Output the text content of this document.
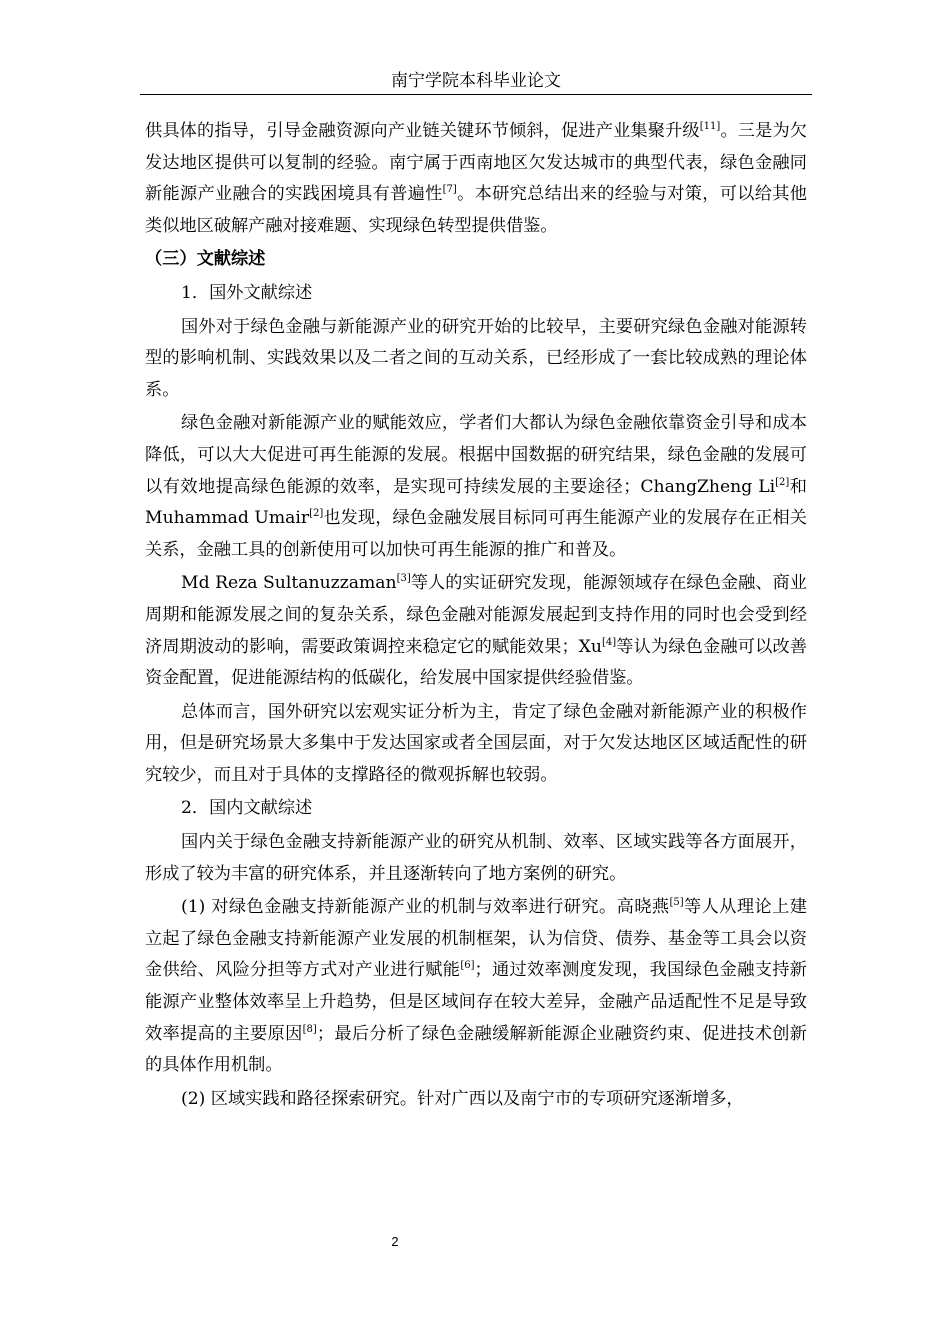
南宁学院本科毕业论文

供具体的指导，引导金融资源向产业链关键环节倾斜，促进产业集聚升级[11]。三是为欠发达地区提供可以复制的经验。南宁属于西南地区欠发达城市的典型代表，绿色金融同新能源产业融合的实践困境具有普遍性[7]。本研究总结出来的经验与对策，可以给其他类似地区破解产融对接难题、实现绿色转型提供借鉴。

（三）文献综述

1．国外文献综述

国外对于绿色金融与新能源产业的研究开始的比较早，主要研究绿色金融对能源转型的影响机制、实践效果以及二者之间的互动关系，已经形成了一套比较成熟的理论体系。

绿色金融对新能源产业的赋能效应，学者们大都认为绿色金融依靠资金引导和成本降低，可以大大促进可再生能源的发展。根据中国数据的研究结果，绿色金融的发展可以有效地提高绿色能源的效率，是实现可持续发展的主要途径；ChangZheng Li[2]和 Muhammad Umair[2]也发现，绿色金融发展目标同可再生能源产业的发展存在正相关关系，金融工具的创新使用可以加快可再生能源的推广和普及。

Md Reza Sultanuzzaman[3]等人的实证研究发现，能源领域存在绿色金融、商业周期和能源发展之间的复杂关系，绿色金融对能源发展起到支持作用的同时也会受到经济周期波动的影响，需要政策调控来稳定它的赋能效果；Xu[4]等认为绿色金融可以改善资金配置，促进能源结构的低碳化，给发展中国家提供经验借鉴。

总体而言，国外研究以宏观实证分析为主，肯定了绿色金融对新能源产业的积极作用，但是研究场景大多集中于发达国家或者全国层面，对于欠发达地区区域适配性的研究较少，而且对于具体的支撑路径的微观拆解也较弱。

2．国内文献综述

国内关于绿色金融支持新能源产业的研究从机制、效率、区域实践等各方面展开，形成了较为丰富的研究体系，并且逐渐转向了地方案例的研究。

(1) 对绿色金融支持新能源产业的机制与效率进行研究。高晓燕[5]等人从理论上建立起了绿色金融支持新能源产业发展的机制框架，认为信贷、债券、基金等工具会以资金供给、风险分担等方式对产业进行赋能[6]；通过效率测度发现，我国绿色金融支持新能源产业整体效率呈上升趋势，但是区域间存在较大差异，金融产品适配性不足是导致效率提高的主要原因[8]；最后分析了绿色金融缓解新能源企业融资约束、促进技术创新的具体作用机制。

(2) 区域实践和路径探索研究。针对广西以及南宁市的专项研究逐渐增多，

2
